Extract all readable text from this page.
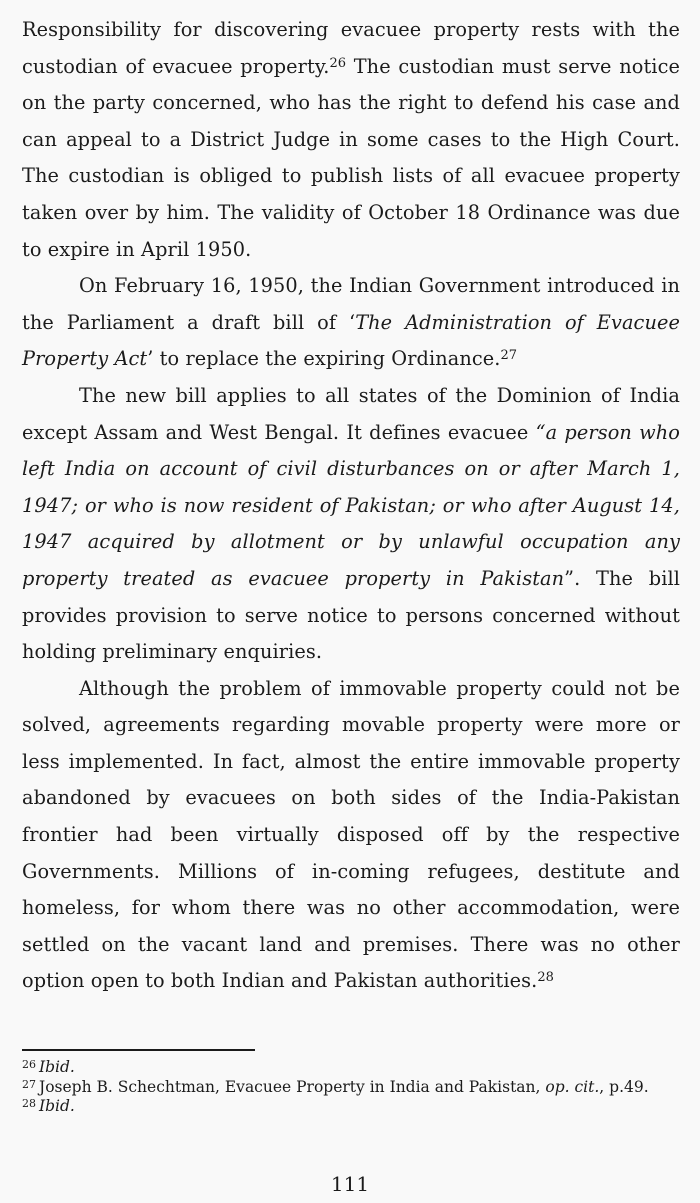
Responsibility for discovering evacuee property rests with the custodian of evacuee property.$^{26}$ The custodian must serve notice on the party concerned, who has the right to defend his case and can appeal to a District Judge in some cases to the High Court. The custodian is obliged to publish lists of all evacuee property taken over by him. The validity of October 18 Ordinance was due to expire in April 1950.

On February 16, 1950, the Indian Government introduced in the Parliament a draft bill of ‘The Administration of Evacuee Property Act’ to replace the expiring Ordinance.$^{27}$

The new bill applies to all states of the Dominion of India except Assam and West Bengal. It defines evacuee “a person who left India on account of civil disturbances on or after March 1, 1947; or who is now resident of Pakistan; or who after August 14, 1947 acquired by allotment or by unlawful occupation any property treated as evacuee property in Pakistan”. The bill provides provision to serve notice to persons concerned without holding preliminary enquiries.

Although the problem of immovable property could not be solved, agreements regarding movable property were more or less implemented. In fact, almost the entire immovable property abandoned by evacuees on both sides of the India-Pakistan frontier had been virtually disposed off by the respective Governments. Millions of in-coming refugees, destitute and homeless, for whom there was no other accommodation, were settled on the vacant land and premises. There was no other option open to both Indian and Pakistan authorities.$^{28}$

$^{26}$ Ibid.
$^{27}$ Joseph B. Schechtman, Evacuee Property in India and Pakistan, op. cit., p.49.
$^{28}$ Ibid.
111
